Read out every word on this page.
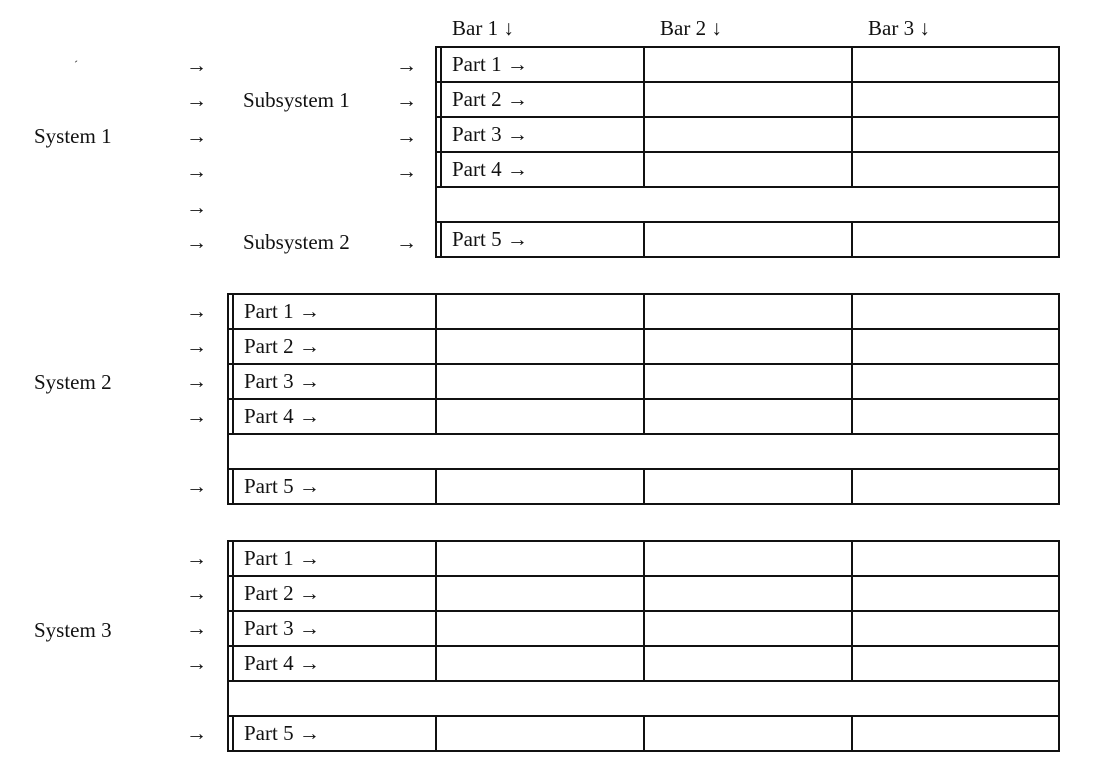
Bar 1 ↓	Bar 2 ↓	Bar 3 ↓
ˊ
System 1
System 2
System 3
Subsystem 1
Subsystem 2
→
→
→
→
→
→
→
→
→
→
→
→
→
→
→
→
→
→
→
→
→
Part 1 →
Part 2 →
Part 3 →
Part 4 →
Part 5 →
Part 1 →
Part 2 →
Part 3 →
Part 4 →
Part 5 →
Part 1 →
Part 2 →
Part 3 →
Part 4 →
Part 5 →
